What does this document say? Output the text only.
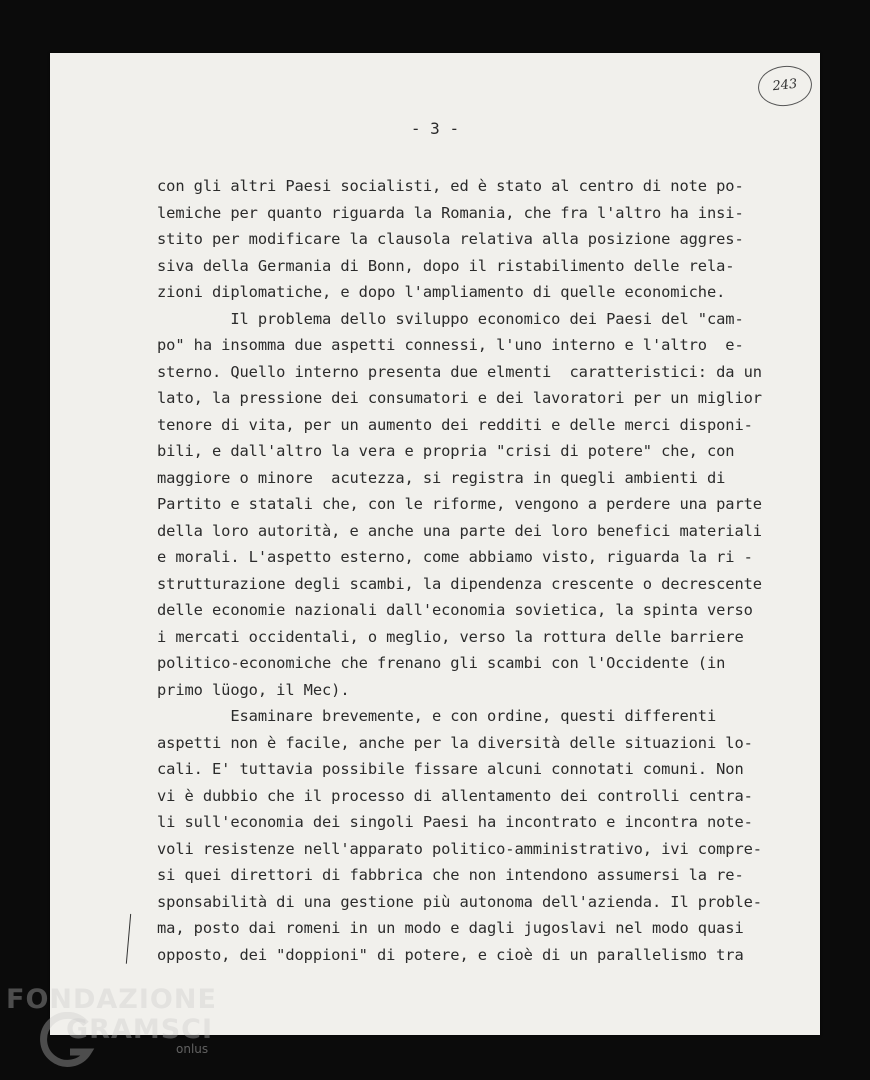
243
- 3 -
con gli altri Paesi socialisti, ed è stato al centro di note po-
lemiche per quanto riguarda la Romania, che fra l'altro ha insi-
stito per modificare la clausola relativa alla posizione aggres-
siva della Germania di Bonn, dopo il ristabilimento delle rela-
zioni diplomatiche, e dopo l'ampliamento di quelle economiche.
Il problema dello sviluppo economico dei Paesi del "cam-
po" ha insomma due aspetti connessi, l'uno interno e l'altro  e-
sterno. Quello interno presenta due elmenti  caratteristici: da un
lato, la pressione dei consumatori e dei lavoratori per un miglior
tenore di vita, per un aumento dei redditi e delle merci disponi-
bili, e dall'altro la vera e propria "crisi di potere" che, con
maggiore o minore  acutezza, si registra in quegli ambienti di
Partito e statali che, con le riforme, vengono a perdere una parte
della loro autorità, e anche una parte dei loro benefici materiali
e morali. L'aspetto esterno, come abbiamo visto, riguarda la ri -
strutturazione degli scambi, la dipendenza crescente o decrescente
delle economie nazionali dall'economia sovietica, la spinta verso
i mercati occidentali, o meglio, verso la rottura delle barriere
politico-economiche che frenano gli scambi con l'Occidente (in
primo lüogo, il Mec).
Esaminare brevemente, e con ordine, questi differenti
aspetti non è facile, anche per la diversità delle situazioni lo-
cali. E' tuttavia possibile fissare alcuni connotati comuni. Non
vi è dubbio che il processo di allentamento dei controlli centra-
li sull'economia dei singoli Paesi ha incontrato e incontra note-
voli resistenze nell'apparato politico-amministrativo, ivi compre-
si quei direttori di fabbrica che non intendono assumersi la re-
sponsabilità di una gestione più autonoma dell'azienda. Il proble-
ma, posto dai romeni in un modo e dagli jugoslavi nel modo quasi
opposto, dei "doppioni" di potere, e cioè di un parallelismo tra
FONDAZIONE
GRAMSCI
onlus
